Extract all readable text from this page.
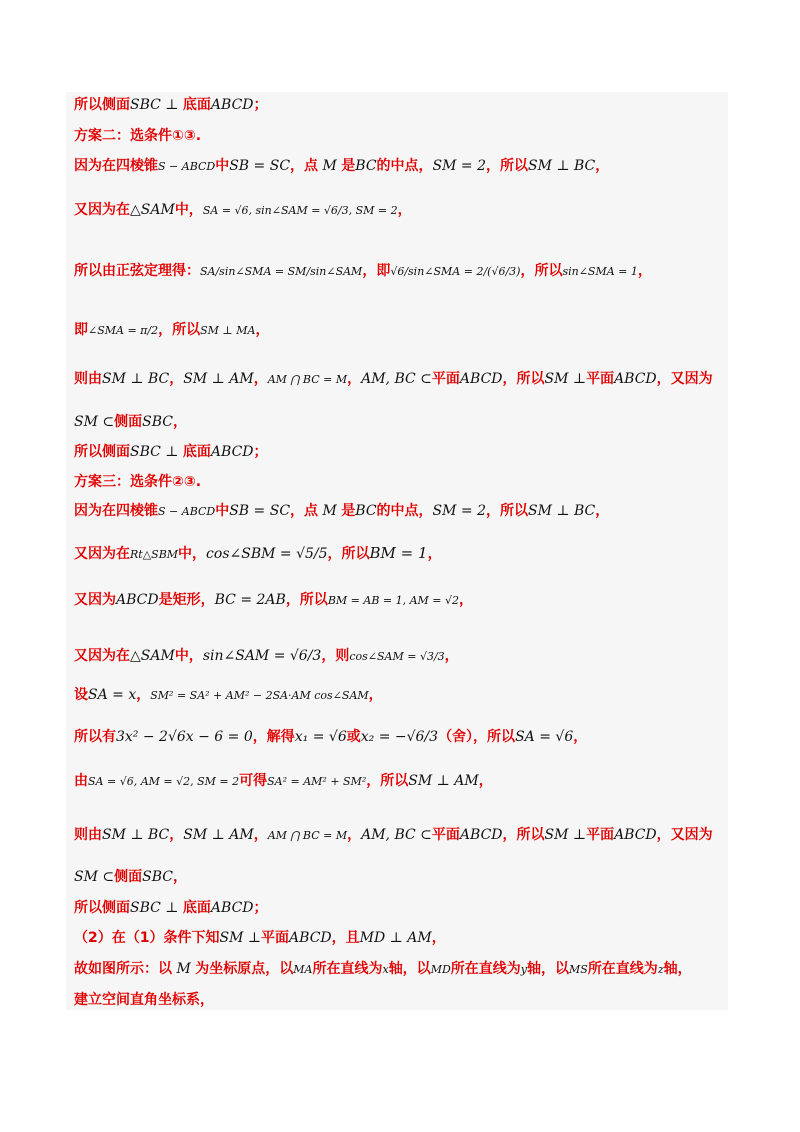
所以侧面SBC ⊥ 底面ABCD；
方案二：选条件①③.
因为在四棱锥S − ABCD中SB = SC，点 M 是BC的中点，SM = 2，所以SM ⊥ BC，
又因为在△SAM中，SA = √6, sin∠SAM = √6/3, SM = 2，
所以由正弦定理得：SA/sin∠SMA = SM/sin∠SAM，即√6/sin∠SMA = 2/(√6/3)，所以sin∠SMA = 1，
即∠SMA = π/2，所以SM ⊥ MA，
则由SM ⊥ BC，SM ⊥ AM，AM ⋂ BC = M，AM, BC ⊂平面ABCD，所以SM ⊥平面ABCD，又因为
SM ⊂侧面SBC，
所以侧面SBC ⊥ 底面ABCD；
方案三：选条件②③.
因为在四棱锥S − ABCD中SB = SC，点 M 是BC的中点，SM = 2，所以SM ⊥ BC，
又因为在Rt△SBM中，cos∠SBM = √5/5，所以BM = 1，
又因为ABCD是矩形，BC = 2AB，所以BM = AB = 1, AM = √2，
又因为在△SAM中，sin∠SAM = √6/3，则cos∠SAM = √3/3，
设SA = x，SM² = SA² + AM² − 2SA·AM cos∠SAM，
所以有3x² − 2√6x − 6 = 0，解得x₁ = √6或x₂ = −√6/3（舍），所以SA = √6，
由SA = √6, AM = √2, SM = 2可得SA² = AM² + SM²，所以SM ⊥ AM，
则由SM ⊥ BC，SM ⊥ AM，AM ⋂ BC = M，AM, BC ⊂平面ABCD，所以SM ⊥平面ABCD，又因为
SM ⊂侧面SBC，
所以侧面SBC ⊥ 底面ABCD；
（2）在（1）条件下知SM ⊥平面ABCD，且MD ⊥ AM，
故如图所示：以 M 为坐标原点，以MA所在直线为x轴，以MD所在直线为y轴，以MS所在直线为z轴，
建立空间直角坐标系，
